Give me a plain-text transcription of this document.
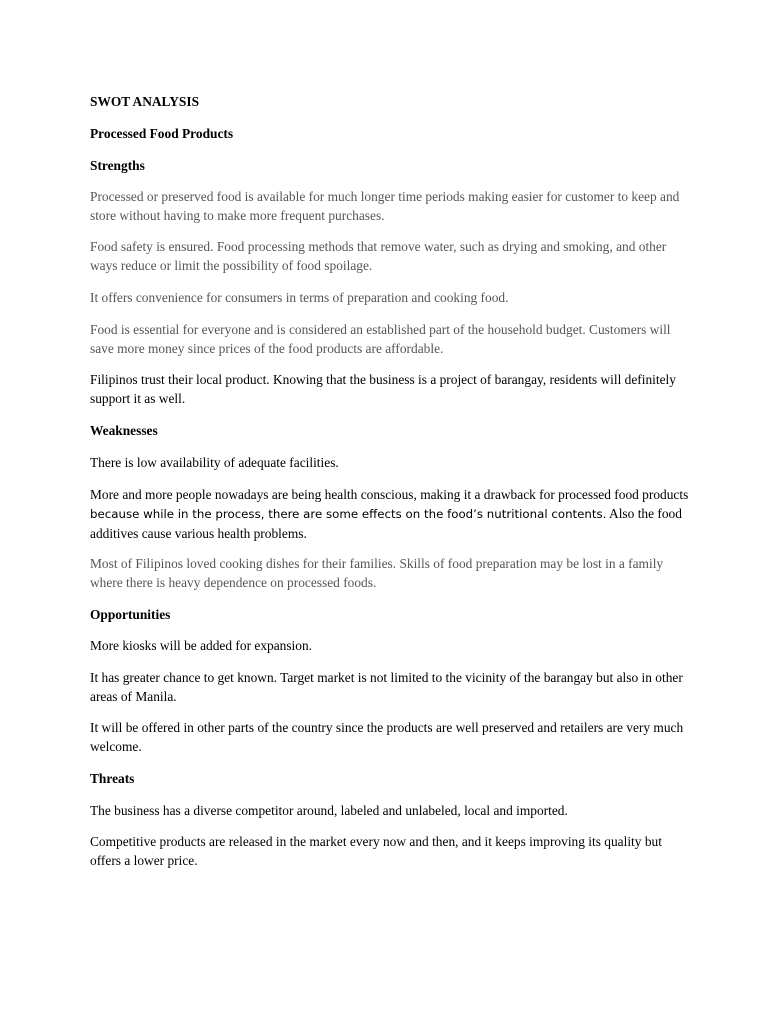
SWOT ANALYSIS

Processed Food Products

Strengths

Processed or preserved food is available for much longer time periods making easier for customer to keep and store without having to make more frequent purchases.

Food safety is ensured. Food processing methods that remove water, such as drying and smoking, and other ways reduce or limit the possibility of food spoilage.

It offers convenience for consumers in terms of preparation and cooking food.

Food is essential for everyone and is considered an established part of the household budget. Customers will save more money since prices of the food products are affordable.

Filipinos trust their local product. Knowing that the business is a project of barangay, residents will definitely support it as well.

Weaknesses

There is low availability of adequate facilities.

More and more people nowadays are being health conscious, making it a drawback for processed food products because while in the process, there are some effects on the food’s nutritional contents. Also the food additives cause various health problems.

Most of Filipinos loved cooking dishes for their families. Skills of food preparation may be lost in a family where there is heavy dependence on processed foods.

Opportunities

More kiosks will be added for expansion.

It has greater chance to get known. Target market is not limited to the vicinity of the barangay but also in other areas of Manila.

It will be offered in other parts of the country since the products are well preserved and retailers are very much welcome.

Threats

The business has a diverse competitor around, labeled and unlabeled, local and imported.

Competitive products are released in the market every now and then, and it keeps improving its quality but offers a lower price.
